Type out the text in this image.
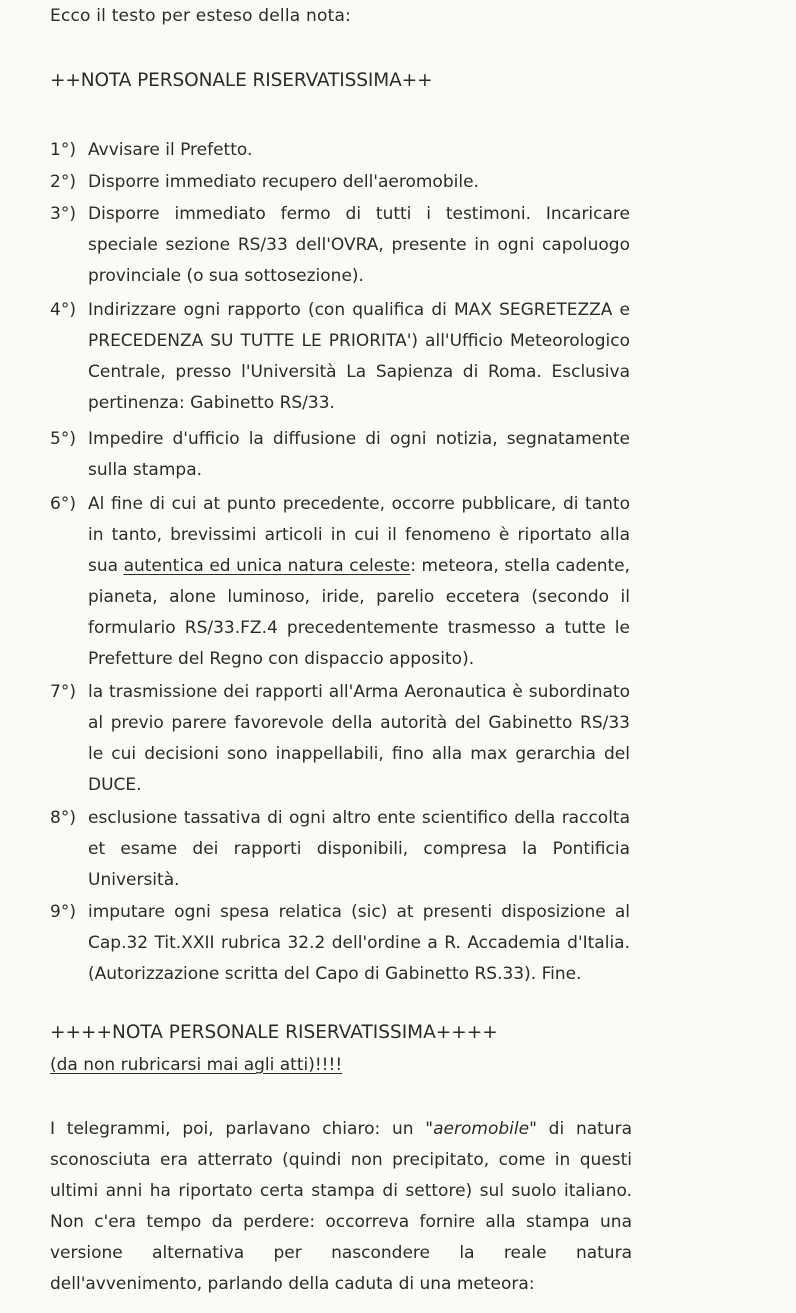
Ecco il testo per esteso della nota:
++NOTA PERSONALE RISERVATISSIMA++
1°) Avvisare il Prefetto.
2°) Disporre immediato recupero dell'aeromobile.
3°) Disporre immediato fermo di tutti i testimoni. Incaricare speciale sezione RS/33 dell'OVRA, presente in ogni capoluogo provinciale (o sua sottosezione).
4°) Indirizzare ogni rapporto (con qualifica di MAX SEGRETEZZA e PRECEDENZA SU TUTTE LE PRIORITA') all'Ufficio Meteorologico Centrale, presso l'Università La Sapienza di Roma. Esclusiva pertinenza: Gabinetto RS/33.
5°) Impedire d'ufficio la diffusione di ogni notizia, segnatamente sulla stampa.
6°) Al fine di cui at punto precedente, occorre pubblicare, di tanto in tanto, brevissimi articoli in cui il fenomeno è riportato alla sua autentica ed unica natura celeste: meteora, stella cadente, pianeta, alone luminoso, iride, parelio eccetera (secondo il formulario RS/33.FZ.4 precedentemente trasmesso a tutte le Prefetture del Regno con dispaccio apposito).
7°) la trasmissione dei rapporti all'Arma Aeronautica è subordinato al previo parere favorevole della autorità del Gabinetto RS/33 le cui decisioni sono inappellabili, fino alla max gerarchia del DUCE.
8°) esclusione tassativa di ogni altro ente scientifico della raccolta et esame dei rapporti disponibili, compresa la Pontificia Università.
9°) imputare ogni spesa relatica (sic) at presenti disposizione al Cap.32 Tit.XXII rubrica 32.2 dell'ordine a R. Accademia d'Italia. (Autorizzazione scritta del Capo di Gabinetto RS.33). Fine.
++++NOTA PERSONALE RISERVATISSIMA++++
(da non rubricarsi mai agli atti)!!!!
I telegrammi, poi, parlavano chiaro: un "aeromobile" di natura sconosciuta era atterrato (quindi non precipitato, come in questi ultimi anni ha riportato certa stampa di settore) sul suolo italiano. Non c'era tempo da perdere: occorreva fornire alla stampa una versione alternativa per nascondere la reale natura dell'avvenimento, parlando della caduta di una meteora:
